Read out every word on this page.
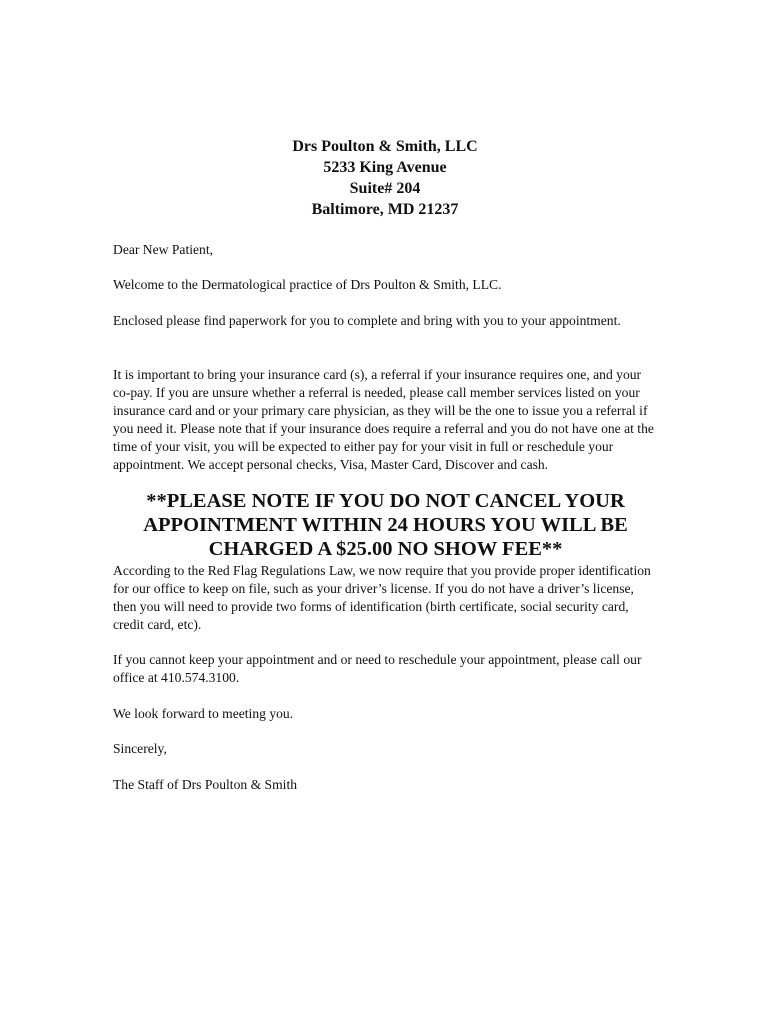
Drs Poulton & Smith, LLC
5233 King Avenue
Suite# 204
Baltimore, MD 21237
Dear New Patient,
Welcome to the Dermatological practice of Drs Poulton & Smith, LLC.
Enclosed please find paperwork for you to complete and bring with you to your appointment.
It is important to bring your insurance card (s), a referral if your insurance requires one, and your co-pay. If you are unsure whether a referral is needed, please call member services listed on your insurance card and or your primary care physician, as they will be the one to issue you a referral if you need it. Please note that if your insurance does require a referral and you do not have one at the time of your visit, you will be expected to either pay for your visit in full or reschedule your appointment. We accept personal checks, Visa, Master Card, Discover and cash.
**PLEASE NOTE IF YOU DO NOT CANCEL YOUR APPOINTMENT WITHIN 24 HOURS YOU WILL BE CHARGED A $25.00 NO SHOW FEE**
According to the Red Flag Regulations Law, we now require that you provide proper identification for our office to keep on file, such as your driver’s license. If you do not have a driver’s license, then you will need to provide two forms of identification (birth certificate, social security card, credit card, etc).
If you cannot keep your appointment and or need to reschedule your appointment, please call our office at 410.574.3100.
We look forward to meeting you.
Sincerely,
The Staff of Drs Poulton & Smith
